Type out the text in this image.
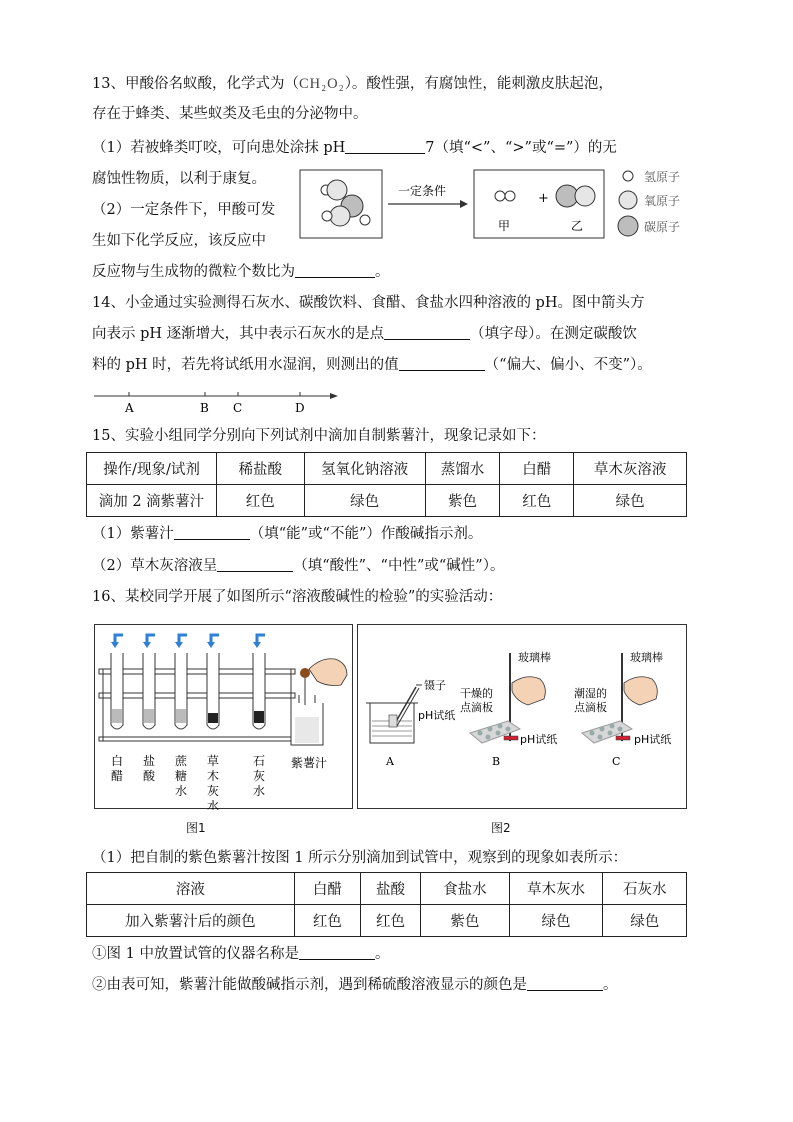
13、甲酸俗名蚁酸，化学式为（CH₂O₂）。酸性强，有腐蚀性，能刺激皮肤起泡，
存在于蜂类、某些蚁类及毛虫的分泌物中。
（1）若被蜂类叮咬，可向患处涂抹 pH	7（填“<”、“>”或“=”）的无
腐蚀性物质，以利于康复。
（2）一定条件下，甲酸可发
生如下化学反应，该反应中
反应物与生成物的微粒个数比为	。
一定条件	+
甲	乙
氢原子
氧原子
碳原子
14、小金通过实验测得石灰水、碳酸饮料、食醋、食盐水四种溶液的 pH。图中箭头方
向表示 pH 逐渐增大，其中表示石灰水的是点	（填字母）。在测定碳酸饮
料的 pH 时，若先将试纸用水湿润，则测出的值	（“偏大、偏小、不变”）。
A	B C	D
15、实验小组同学分别向下列试剂中滴加自制紫薯汁，现象记录如下：
操作/现象/试剂	稀盐酸	氢氧化钠溶液	蒸馏水	白醋	草木灰溶液
滴加 2 滴紫薯汁	红色	绿色	紫色	红色	绿色
（1）紫薯汁	（填“能”或“不能”）作酸碱指示剂。
（2）草木灰溶液呈	（填“酸性”、“中性”或“碱性”）。
16、某校同学开展了如图所示“溶液酸碱性的检验”的实验活动：
白醋
盐酸
蔗糖水
草木灰水
石灰水
紫薯汁
图1
镊子
pH试纸
A
玻璃棒
干燥的点滴板
pH试纸
B
玻璃棒
潮湿的点滴板
pH试纸
C
图2
（1）把自制的紫色紫薯汁按图 1 所示分别滴加到试管中，观察到的现象如表所示：
溶液	白醋	盐酸	食盐水	草木灰水	石灰水
加入紫薯汁后的颜色	红色	红色	紫色	绿色	绿色
①图 1 中放置试管的仪器名称是	。
②由表可知，紫薯汁能做酸碱指示剂，遇到稀硫酸溶液显示的颜色是	。
